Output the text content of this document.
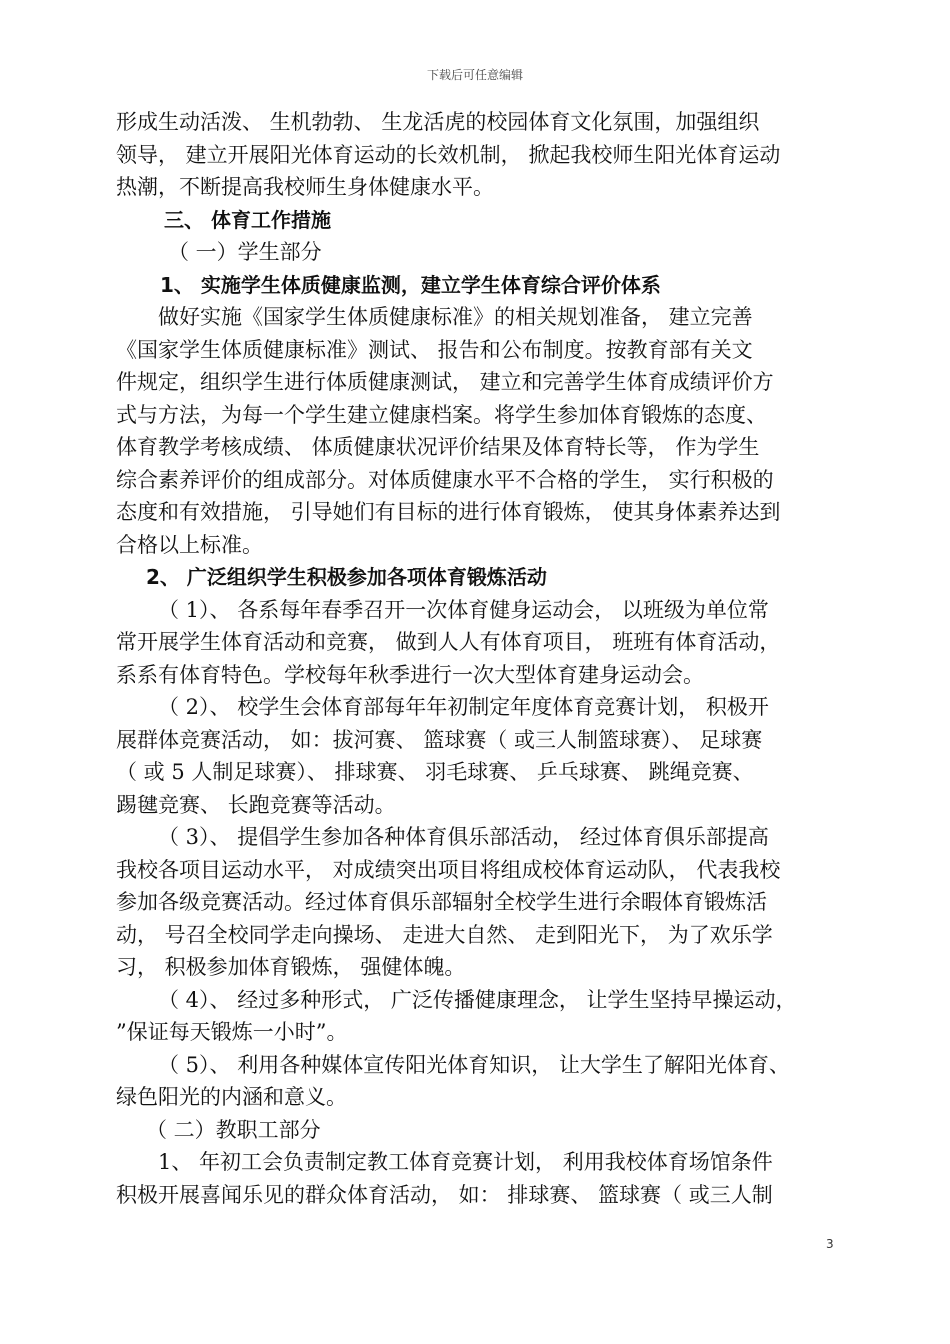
下载后可任意编辑
形成生动活泼、 生机勃勃、 生龙活虎的校园体育文化氛围，加强组织
领导， 建立开展阳光体育运动的长效机制， 掀起我校师生阳光体育运动
热潮，不断提高我校师生身体健康水平。
三、 体育工作措施
（ 一）学生部分
1、 实施学生体质健康监测，建立学生体育综合评价体系
做好实施《国家学生体质健康标准》的相关规划准备， 建立完善
《国家学生体质健康标准》测试、 报告和公布制度。按教育部有关文
件规定，组织学生进行体质健康测试， 建立和完善学生体育成绩评价方
式与方法，为每一个学生建立健康档案。将学生参加体育锻炼的态度、
体育教学考核成绩、 体质健康状况评价结果及体育特长等， 作为学生
综合素养评价的组成部分。对体质健康水平不合格的学生， 实行积极的
态度和有效措施， 引导她们有目标的进行体育锻炼， 使其身体素养达到
合格以上标准。
2、 广泛组织学生积极参加各项体育锻炼活动
（ 1）、 各系每年春季召开一次体育健身运动会， 以班级为单位常
常开展学生体育活动和竞赛， 做到人人有体育项目， 班班有体育活动，
系系有体育特色。学校每年秋季进行一次大型体育建身运动会。
（ 2）、 校学生会体育部每年年初制定年度体育竞赛计划， 积极开
展群体竞赛活动， 如：拔河赛、 篮球赛（ 或三人制篮球赛）、 足球赛
（ 或 5 人制足球赛）、 排球赛、 羽毛球赛、 乒乓球赛、 跳绳竞赛、
踢毽竞赛、 长跑竞赛等活动。
（ 3）、 提倡学生参加各种体育俱乐部活动， 经过体育俱乐部提高
我校各项目运动水平， 对成绩突出项目将组成校体育运动队， 代表我校
参加各级竞赛活动。经过体育俱乐部辐射全校学生进行余暇体育锻炼活
动， 号召全校同学走向操场、 走进大自然、 走到阳光下， 为了欢乐学
习， 积极参加体育锻炼， 强健体魄。
（ 4）、 经过多种形式， 广泛传播健康理念， 让学生坚持早操运动，
”保证每天锻炼一小时”。
（ 5）、 利用各种媒体宣传阳光体育知识， 让大学生了解阳光体育、
绿色阳光的内涵和意义。
（ 二）教职工部分
1、 年初工会负责制定教工体育竞赛计划， 利用我校体育场馆条件
积极开展喜闻乐见的群众体育活动， 如： 排球赛、 篮球赛（ 或三人制
3
